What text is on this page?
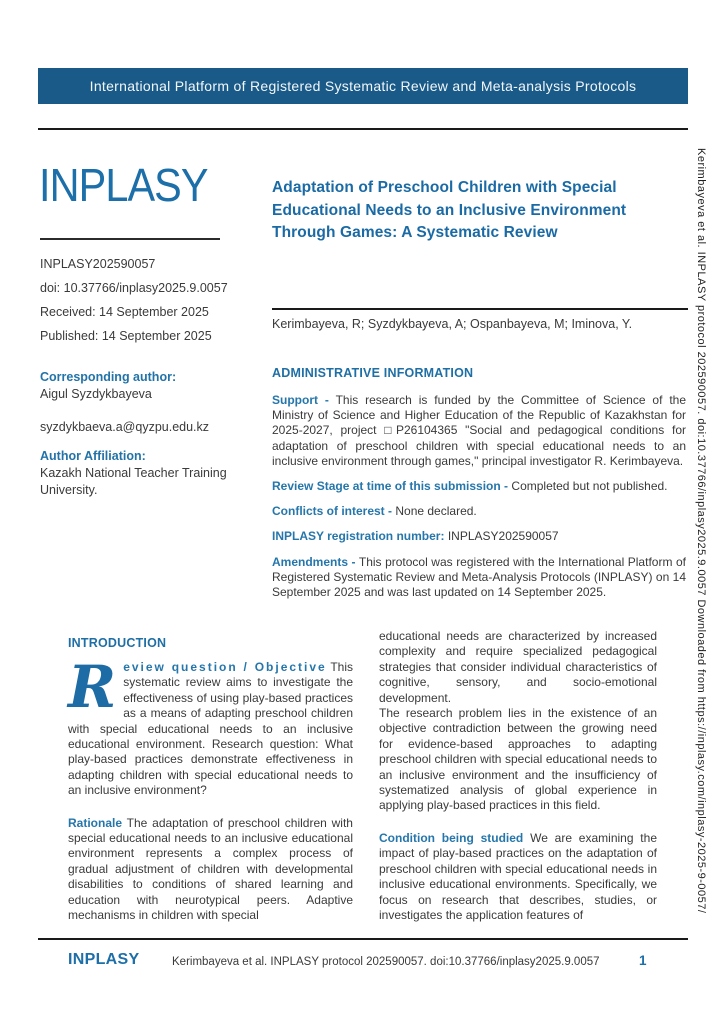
International Platform of Registered Systematic Review and Meta-analysis Protocols
INPLASY
INPLASY202590057
doi: 10.37766/inplasy2025.9.0057
Received: 14 September 2025
Published: 14 September 2025
Corresponding author:
Aigul Syzdykbayeva
syzdykbaeva.a@qyzpu.edu.kz
Author Affiliation:
Kazakh National Teacher Training University.
Adaptation of Preschool Children with Special Educational Needs to an Inclusive Environment Through Games: A Systematic Review
Kerimbayeva, R; Syzdykbayeva, A; Ospanbayeva, M; Iminova, Y.
ADMINISTRATIVE INFORMATION

Support - This research is funded by the Committee of Science of the Ministry of Science and Higher Education of the Republic of Kazakhstan for 2025-2027, project □P26104365 "Social and pedagogical conditions for adaptation of preschool children with special educational needs to an inclusive environment through games," principal investigator R. Kerimbayeva.

Review Stage at time of this submission - Completed but not published.

Conflicts of interest - None declared.

INPLASY registration number: INPLASY202590057

Amendments - This protocol was registered with the International Platform of Registered Systematic Review and Meta-Analysis Protocols (INPLASY) on 14 September 2025 and was last updated on 14 September 2025.

INTRODUCTION

Review question / Objective This systematic review aims to investigate the effectiveness of using play-based practices as a means of adapting preschool children with special educational needs to an inclusive educational environment. Research question: What play-based practices demonstrate effectiveness in adapting children with special educational needs to an inclusive environment?

Rationale The adaptation of preschool children with special educational needs to an inclusive educational environment represents a complex process of gradual adjustment of children with developmental disabilities to conditions of shared learning and education with neurotypical peers. Adaptive mechanisms in children with special

educational needs are characterized by increased complexity and require specialized pedagogical strategies that consider individual characteristics of cognitive, sensory, and socio-emotional development.
The research problem lies in the existence of an objective contradiction between the growing need for evidence-based approaches to adapting preschool children with special educational needs to an inclusive environment and the insufficiency of systematized analysis of global experience in applying play-based practices in this field.

Condition being studied We are examining the impact of play-based practices on the adaptation of preschool children with special educational needs in inclusive educational environments. Specifically, we focus on research that describes, studies, or investigates the application features of

INPLASY	Kerimbayeva et al. INPLASY protocol 202590057. doi:10.37766/inplasy2025.9.0057	1
Kerimbayeva et al. INPLASY protocol 202590057. doi:10.37766/inplasy2025.9.0057 Downloaded from https://inplasy.com/inplasy-2025-9-0057/
